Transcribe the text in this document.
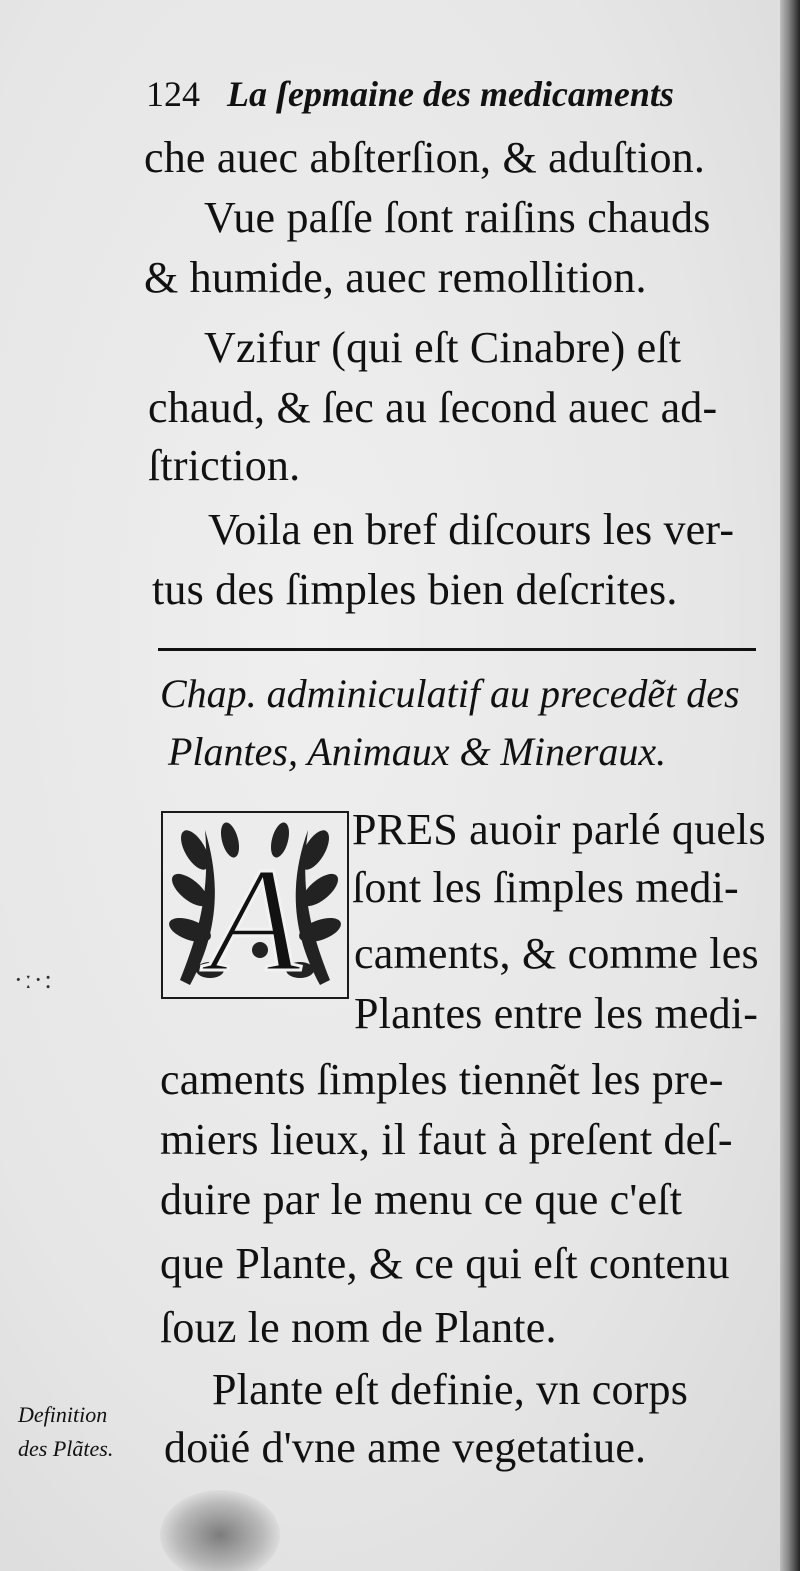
124 La ſepmaine des medicaments
che auec abſterſion, & aduſtion.
Vue paſſe ſont raiſins chauds
& humide, auec remollition.
Vzifur (qui eſt Cinabre) eſt
chaud, & ſec au ſecond auec ad-
ſtriction.
Voila en bref diſcours les ver-
tus des ſimples bien deſcrites.
Chap. adminiculatif au precedẽt des
Plantes, Animaux & Mineraux.
A
PRES auoir parlé quels
ſont les ſimples medi-
caments, & comme les
Plantes entre les medi-
caments ſimples tiennẽt les pre-
miers lieux, il faut à preſent deſ-
duire par le menu ce que c'eſt
que Plante, & ce qui eſt contenu
ſouz le nom de Plante.
Plante eſt definie, vn corps
doüé d'vne ame vegetatiue.
Definition
des Plãtes.
·ː·:
